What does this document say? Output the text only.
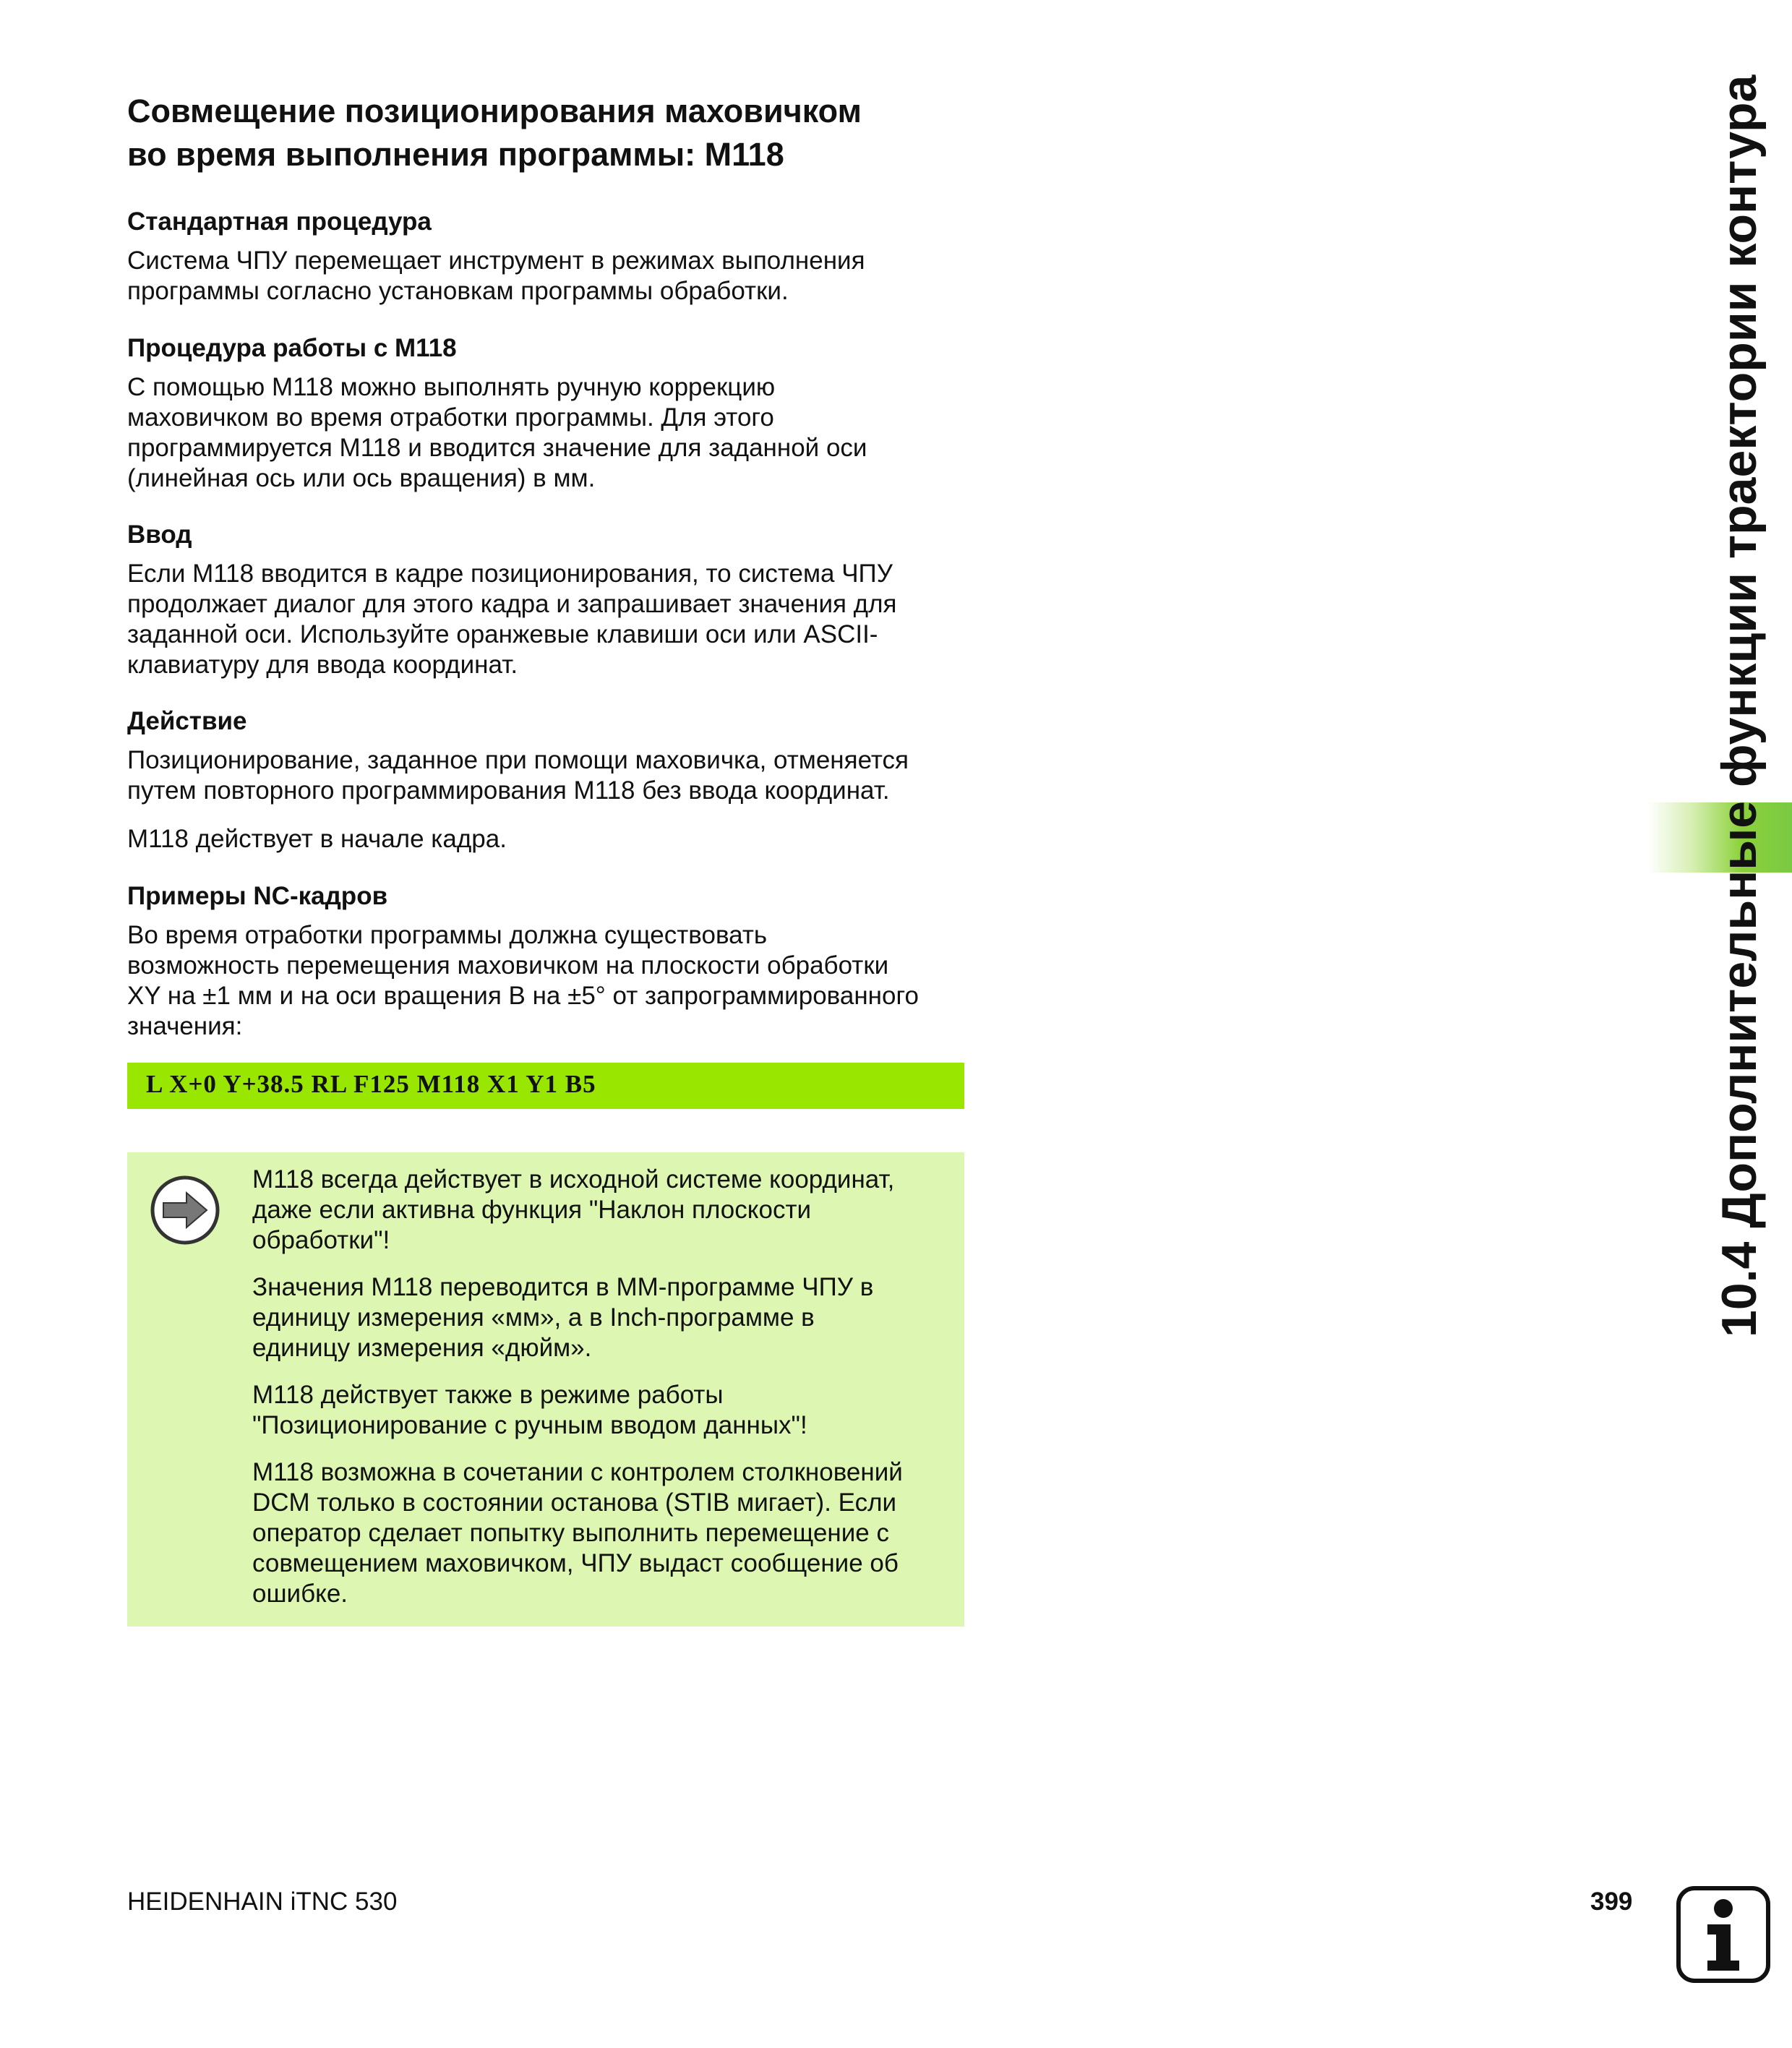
Совмещение позиционирования маховичком
во время выполнения программы: M118
Стандартная процедура

Система ЧПУ перемещает инструмент в режимах выполнения
программы согласно установкам программы обработки.

Процедура работы с M118

С помощью M118 можно выполнять ручную коррекцию
маховичком во время отработки программы. Для этого
программируется M118 и вводится значение для заданной оси
(линейная ось или ось вращения) в мм.

Ввод

Если M118 вводится в кадре позиционирования, то система ЧПУ
продолжает диалог для этого кадра и запрашивает значения для
заданной оси. Используйте оранжевые клавиши оси или ASCII-
клавиатуру для ввода координат.

Действие

Позиционирование, заданное при помощи маховичка, отменяется
путем повторного программирования M118 без ввода координат.

M118 действует в начале кадра.

Примеры NC-кадров

Во время отработки программы должна существовать
возможность перемещения маховичком на плоскости обработки
XY на ±1 мм и на оси вращения B на ±5° от запрограммированного
значения:

L X+0 Y+38.5 RL F125 M118 X1 Y1 B5

M118 всегда действует в исходной системе координат,
даже если активна функция "Наклон плоскости
обработки"!

Значения M118 переводится в MM-программе ЧПУ в
единицу измерения «мм», а в Inch-программе в
единицу измерения «дюйм».

M118 действует также в режиме работы
"Позиционирование с ручным вводом данных"!

M118 возможна в сочетании с контролем столкновений
DCM только в состоянии останова (STIB мигает). Если
оператор сделает попытку выполнить перемещение с
совмещением маховичком, ЧПУ выдаст сообщение об
ошибке.

10.4 Дополнительные функции траектории контура
HEIDENHAIN iTNC 530	399
